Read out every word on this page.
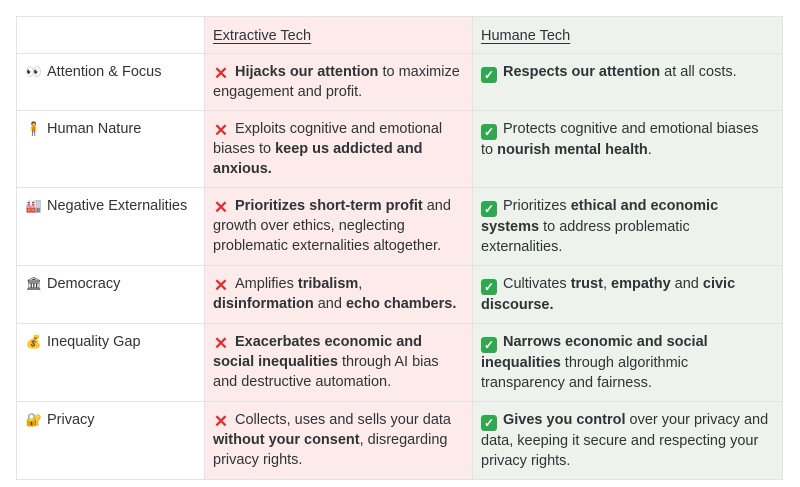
	Extractive Tech	Humane Tech
👀 Attention & Focus	✕ Hijacks our attention to maximize engagement and profit.	✓ Respects our attention at all costs.
🧍 Human Nature	✕ Exploits cognitive and emotional biases to keep us addicted and anxious.	✓ Protects cognitive and emotional biases to nourish mental health.
🏭 Negative Externalities	✕ Prioritizes short-term profit and growth over ethics, neglecting problematic externalities altogether.	✓ Prioritizes ethical and economic systems to address problematic externalities.
🏛 Democracy	✕ Amplifies tribalism, disinformation and echo chambers.	✓ Cultivates trust, empathy and civic discourse.
💰 Inequality Gap	✕ Exacerbates economic and social inequalities through AI bias and destructive automation.	✓ Narrows economic and social inequalities through algorithmic transparency and fairness.
🔐 Privacy	✕ Collects, uses and sells your data without your consent, disregarding privacy rights.	✓ Gives you control over your privacy and data, keeping it secure and respecting your privacy rights.
